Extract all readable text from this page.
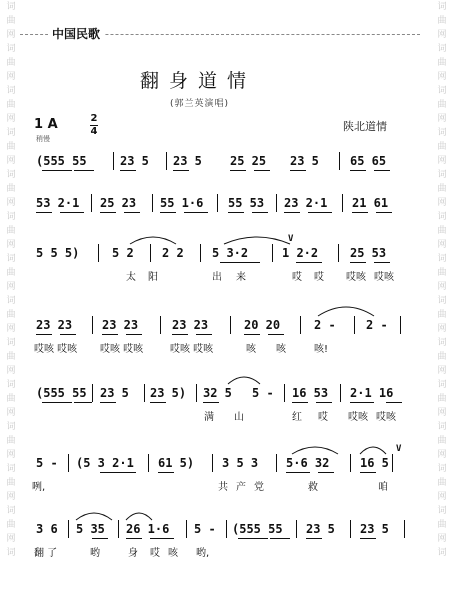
词
曲
网
词
曲
网
词
曲
网
词
曲
网
词
曲
网
词
曲
网
词
曲
网
词
曲
网
词
曲
网
词
曲
网
词
曲
网
词
曲
网
词
曲
网
词
词
曲
网
词
曲
网
词
曲
网
词
曲
网
词
曲
网
词
曲
网
词
曲
网
词
曲
网
词
曲
网
词
曲
网
词
曲
网
词
曲
网
词
曲
网
词
中国民歌
翻身道情
(郭兰英演唱)
1 A	2
4
稍慢
陕北道情
(555 55	23 5 23 5 25 25 23 5	65 65
53 2·1 25 23 55 1·6 55 53 23 2·1 21 61
5 5 5)	5 2 2 2 5 3·2	1 2·2	25 53
V
太 阳	出 来	哎 哎 哎咳 哎咳
23 23 23 23	23 23	20 20	2 -	2 -
哎咳 哎咳 哎咳 哎咳	哎咳 哎咳	咳 咳	咳!
(555 55 23 5 23 5) 32 5 5 - 16 53 2·1 16
满 山	红 哎 哎咳 哎咳
5 - (5 3 2·1 61 5) 3 5 3 5·6 32	16 5
V
咧,	共 产 党	救	咱
3 6 5 35 26 1·6 5 - (555 55 23 5 23 5
翻 了	哟	身 哎 咳 哟,
